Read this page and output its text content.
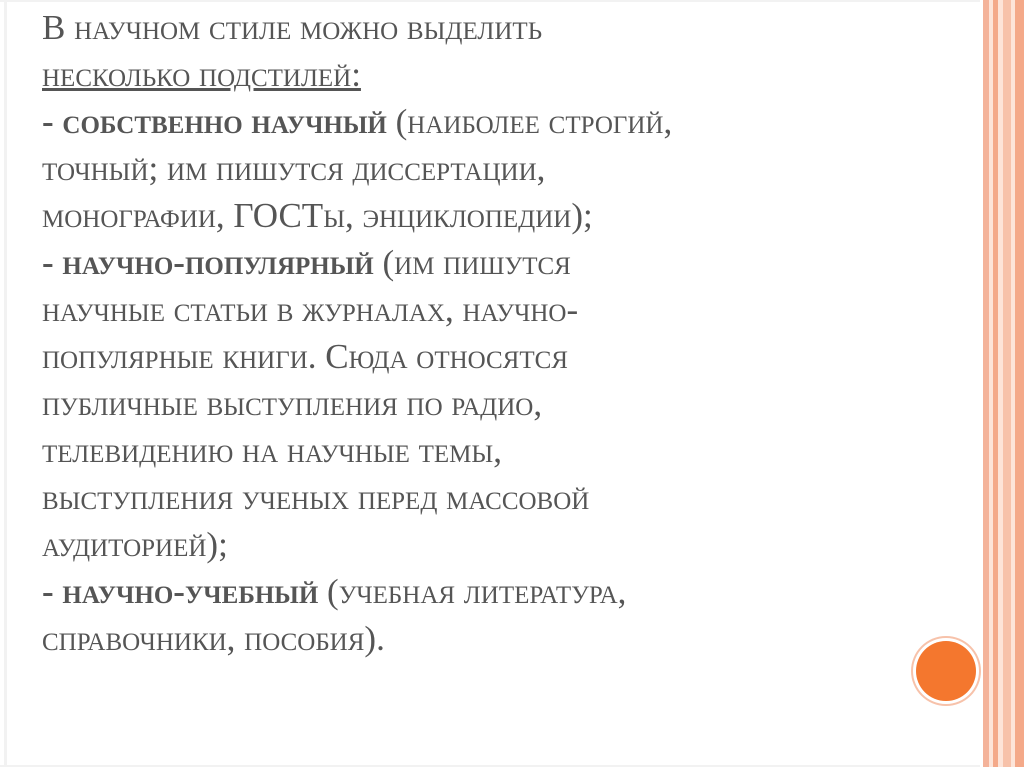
В научном стиле можно выделить
несколько подстилей:
- собственно научный (наиболее строгий,
точный; им пишутся диссертации,
монографии, ГОСТы, энциклопедии);
- научно-популярный (им пишутся
научные статьи в журналах, научно-
популярные книги. Сюда относятся
публичные выступления по радио,
телевидению на научные темы,
выступления ученых перед массовой
аудиторией);
- научно-учебный (учебная литература,
справочники, пособия).
